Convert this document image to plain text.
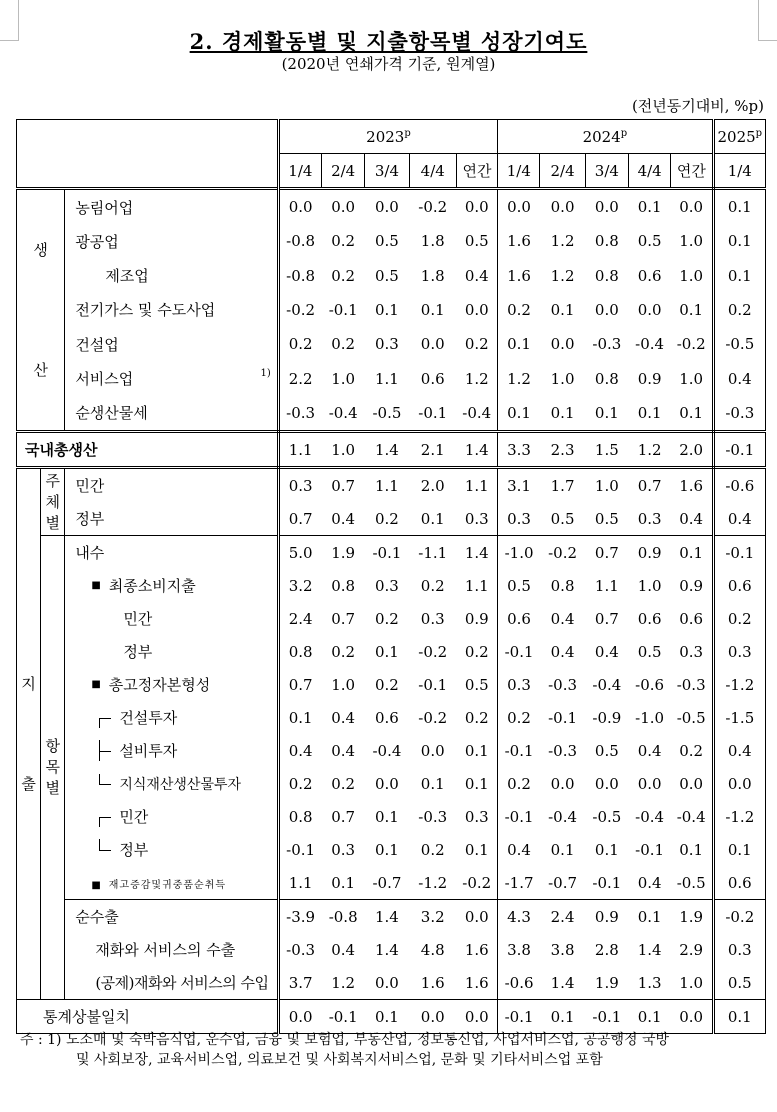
2. 경제활동별 및 지출항목별 성장기여도
(2020년 연쇄가격 기준, 원계열)
(전년동기대비, %p)
			2023$^p$					2024$^p$					2025$^p$
			1/4	2/4	3/4	4/4	연간	1/4	2/4	3/4	4/4	연간	1/4

생산		농림어업	0.0	0.0	0.0	-0.2	0.0	0.0	0.0	0.0	0.1	0.0	0.1
		광공업	-0.8	0.2	0.5	1.8	0.5	1.6	1.2	0.8	0.5	1.0	0.1
		제조업	-0.8	0.2	0.5	1.8	0.4	1.6	1.2	0.8	0.6	1.0	0.1
		전기가스 및 수도사업	-0.2	-0.1	0.1	0.1	0.0	0.2	0.1	0.0	0.0	0.1	0.2
		건설업	0.2	0.2	0.3	0.0	0.2	0.1	0.0	-0.3	-0.4	-0.2	-0.5

		서비스업 1)	2.2	1.0	1.1	0.6	1.2	1.2	1.0	0.8	0.9	1.0	0.4
		순생산물세	-0.3	-0.4	-0.5	-0.1	-0.4	0.1	0.1	0.1	0.1	0.1	-0.3
국내총생산			1.1	1.0	1.4	2.1	1.4	3.3	2.3	1.5	1.2	2.0	-0.1

지출	주체별	민간	0.3	0.7	1.1	2.0	1.1	3.1	1.7	1.0	0.7	1.6	-0.6
		정부	0.7	0.4	0.2	0.1	0.3	0.3	0.5	0.5	0.3	0.4	0.4

	항목별	내수	5.0	1.9	-0.1	-1.1	1.4	-1.0	-0.2	0.7	0.9	0.1	-0.1

		■ 최종소비지출	3.2	0.8	0.3	0.2	1.1	0.5	0.8	1.1	1.0	0.9	0.6
		민간	2.4	0.7	0.2	0.3	0.9	0.6	0.4	0.7	0.6	0.6	0.2
		정부	0.8	0.2	0.1	-0.2	0.2	-0.1	0.4	0.4	0.5	0.3	0.3

		■ 총고정자본형성	0.7	1.0	0.2	-0.1	0.5	0.3	-0.3	-0.4	-0.6	-0.3	-1.2

		건설투자	0.1	0.4	0.6	-0.2	0.2	0.2	-0.1	-0.9	-1.0	-0.5	-1.5

		설비투자	0.4	0.4	-0.4	0.0	0.1	-0.1	-0.3	0.5	0.4	0.2	0.4

		지식재산생산물투자	0.2	0.2	0.0	0.1	0.1	0.2	0.0	0.0	0.0	0.0	0.0

		민간	0.8	0.7	0.1	-0.3	0.3	-0.1	-0.4	-0.5	-0.4	-0.4	-1.2

		정부	-0.1	0.3	0.1	0.2	0.1	0.4	0.1	0.1	-0.1	0.1	0.1
		■ 재고증감및귀중품순취득	1.1	0.1	-0.7	-1.2	-0.2	-1.7	-0.7	-0.1	0.4	-0.5	0.6
		순수출	-3.9	-0.8	1.4	3.2	0.0	4.3	2.4	0.9	0.1	1.9	-0.2
		재화와 서비스의 수출	-0.3	0.4	1.4	4.8	1.6	3.8	3.8	2.8	1.4	2.9	0.3
		(공제)재화와 서비스의 수입	3.7	1.2	0.0	1.6	1.6	-0.6	1.4	1.9	1.3	1.0	0.5
통계상불일치			0.0	-0.1	0.1	0.0	0.0	-0.1	0.1	-0.1	0.1	0.0	0.1
주 : 1) 도소매 및 숙박음식업, 운수업, 금융 및 보험업, 부동산업, 정보통신업, 사업서비스업, 공공행정 국방
및 사회보장, 교육서비스업, 의료보건 및 사회복지서비스업, 문화 및 기타서비스업 포함
